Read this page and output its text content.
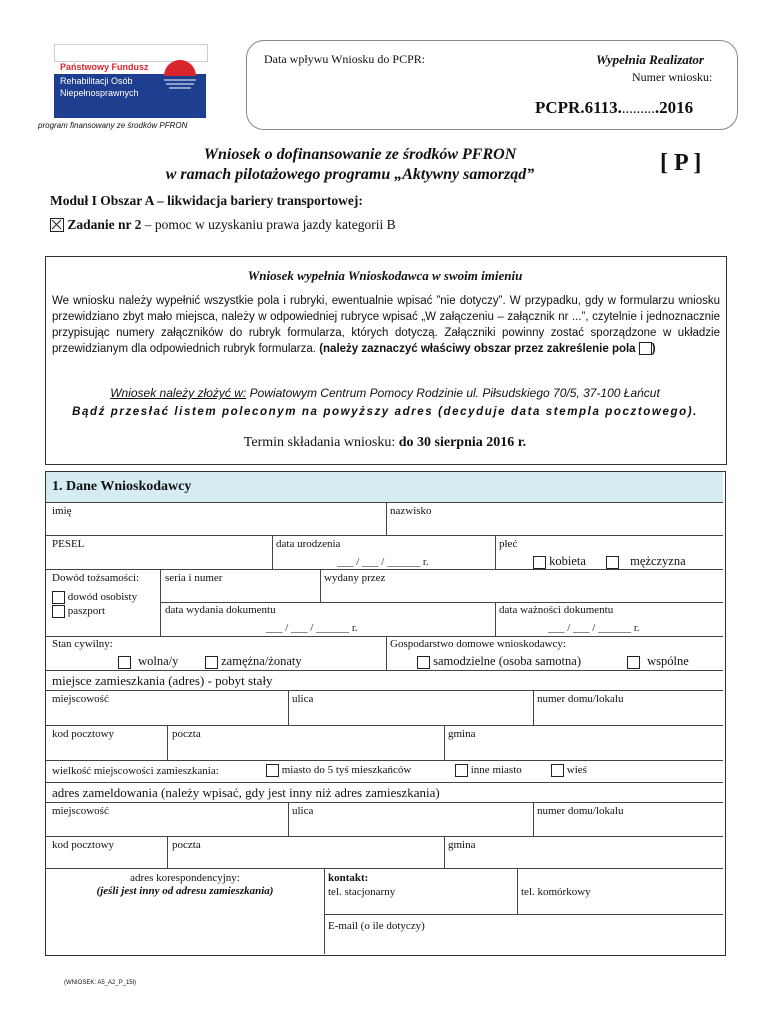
Państwowy Fundusz
Rehabilitacji Osób
Niepełnosprawnych
program finansowany ze środków PFRON
Data wpływu Wniosku do PCPR:	Wypełnia Realizator
Numer wniosku:
PCPR.6113.……….2016
Wniosek o dofinansowanie ze środków PFRON
w ramach pilotażowego programu „Aktywny samorząd”	[ P ]
Moduł I Obszar A – likwidacja bariery transportowej:
Zadanie nr 2 – pomoc w uzyskaniu prawa jazdy kategorii B
Wniosek wypełnia Wnioskodawca w swoim imieniu
We wniosku należy wypełnić wszystkie pola i rubryki, ewentualnie wpisać ”nie dotyczy”. W przypadku, gdy w formularzu wniosku przewidziano zbyt mało miejsca, należy w odpowiedniej rubryce wpisać „W załączeniu – załącznik nr ...”, czytelnie i jednoznacznie przypisując numery załączników do rubryk formularza, których dotyczą. Załączniki powinny zostać sporządzone w układzie przewidzianym dla odpowiednich rubryk formularza. (należy zaznaczyć właściwy obszar przez zakreślenie pola )
Wniosek należy złożyć w: Powiatowym Centrum Pomocy Rodzinie ul. Piłsudskiego 70/5, 37-100 Łańcut
Bądź przesłać listem poleconym na powyższy adres (decyduje data stempla pocztowego).
Termin składania wniosku: do 30 sierpnia 2016 r.
1. Dane Wnioskodawcy
imię	nazwisko
PESEL	data urodzenia
___ / ___ / ______ r.
płeć
kobieta	mężczyzna
Dowód tożsamości: seria i numer	wydany przez
dowód osobisty
paszport	data wydania dokumentu
___ / ___ / ______ r.
data ważności dokumentu
___ / ___ / ______ r.
Stan cywilny:
wolna/y	zamężna/żonaty
Gospodarstwo domowe wnioskodawcy:
samodzielne (osoba samotna)	wspólne
miejsce zamieszkania (adres) - pobyt stały
miejscowość	ulica	numer domu/lokalu
kod pocztowy	poczta	gmina
wielkość miejscowości zamieszkania:	miasto do 5 tyś mieszkańców	inne miasto	wieś
adres zameldowania (należy wpisać, gdy jest inny niż adres zamieszkania)
miejscowość	ulica	numer domu/lokalu
kod pocztowy	poczta	gmina
adres korespondencyjny:
(jeśli jest inny od adresu zamieszkania)
kontakt:
tel. stacjonarny	tel. komórkowy
E-mail (o ile dotyczy)
(WNIOSEK: A5_A2_P_15l)
